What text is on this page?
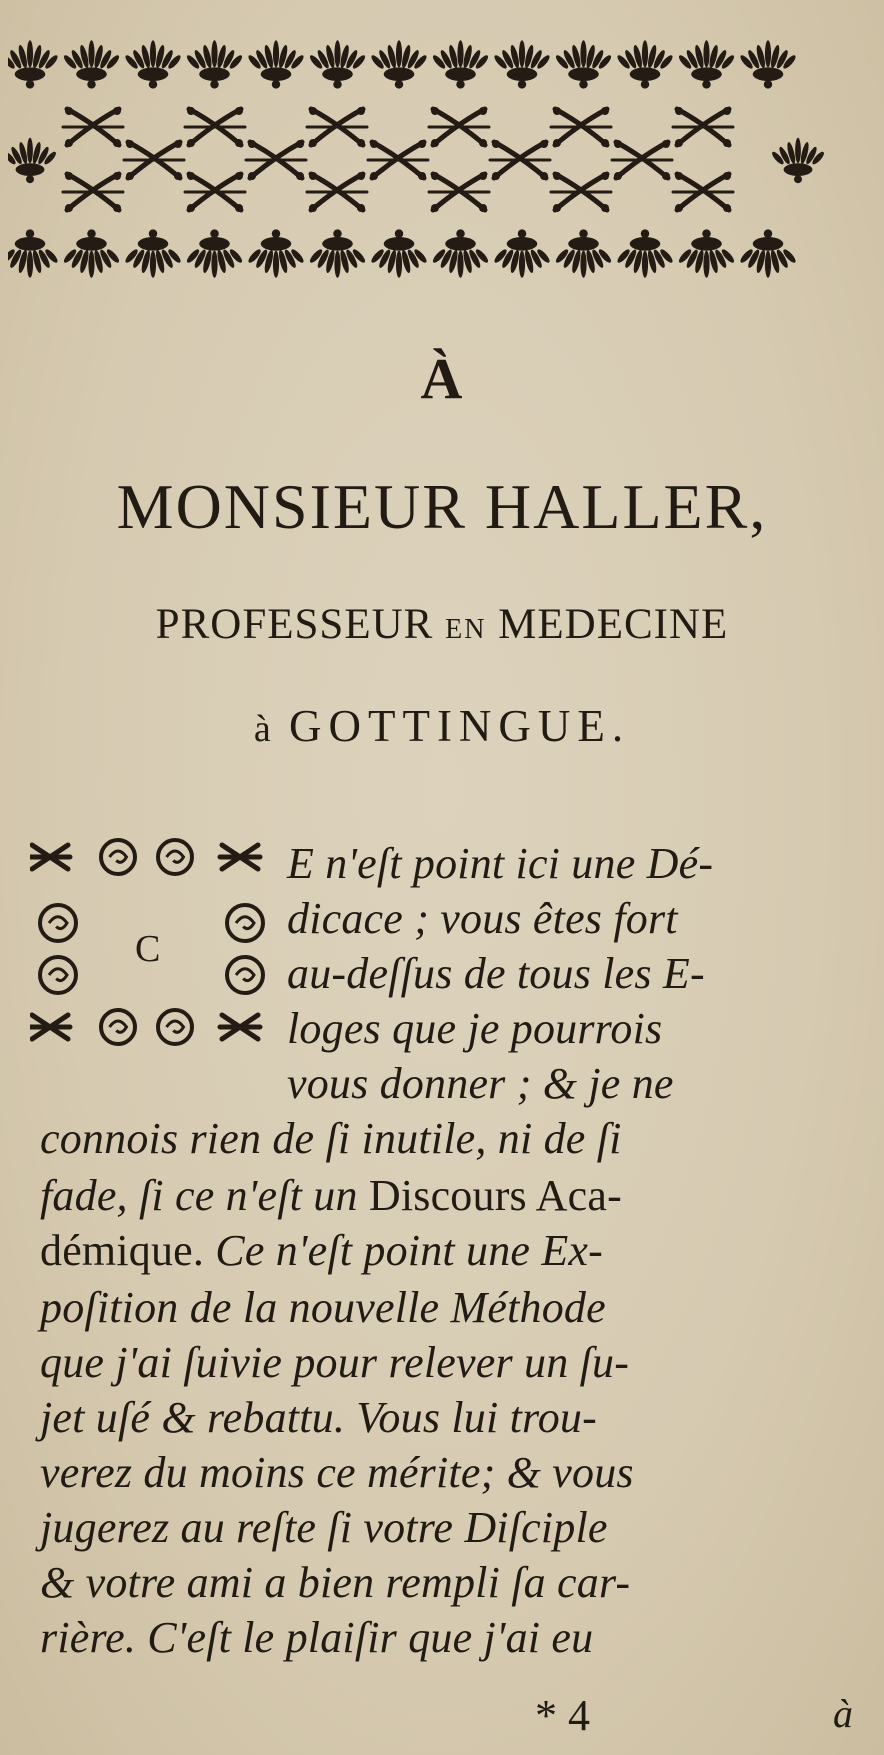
À
MONSIEUR HALLER,
PROFESSEUR EN MEDECINE
à GOTTINGUE.
C
E n'eſt point ici une Dé-
dicace ; vous êtes fort
au-deſſus de tous les E-
loges que je pourrois
vous donner ; & je ne
connois rien de ſi inutile, ni de ſi
fade, ſi ce n'eſt un Discours Aca-
démique. Ce n'eſt point une Ex-
poſition de la nouvelle Méthode
que j'ai ſuivie pour relever un ſu-
jet uſé & rebattu. Vous lui trou-
verez du moins ce mérite; & vous
jugerez au reſte ſi votre Diſciple
& votre ami a bien rempli ſa car-
rière. C'eſt le plaiſir que j'ai eu
* 4	à
